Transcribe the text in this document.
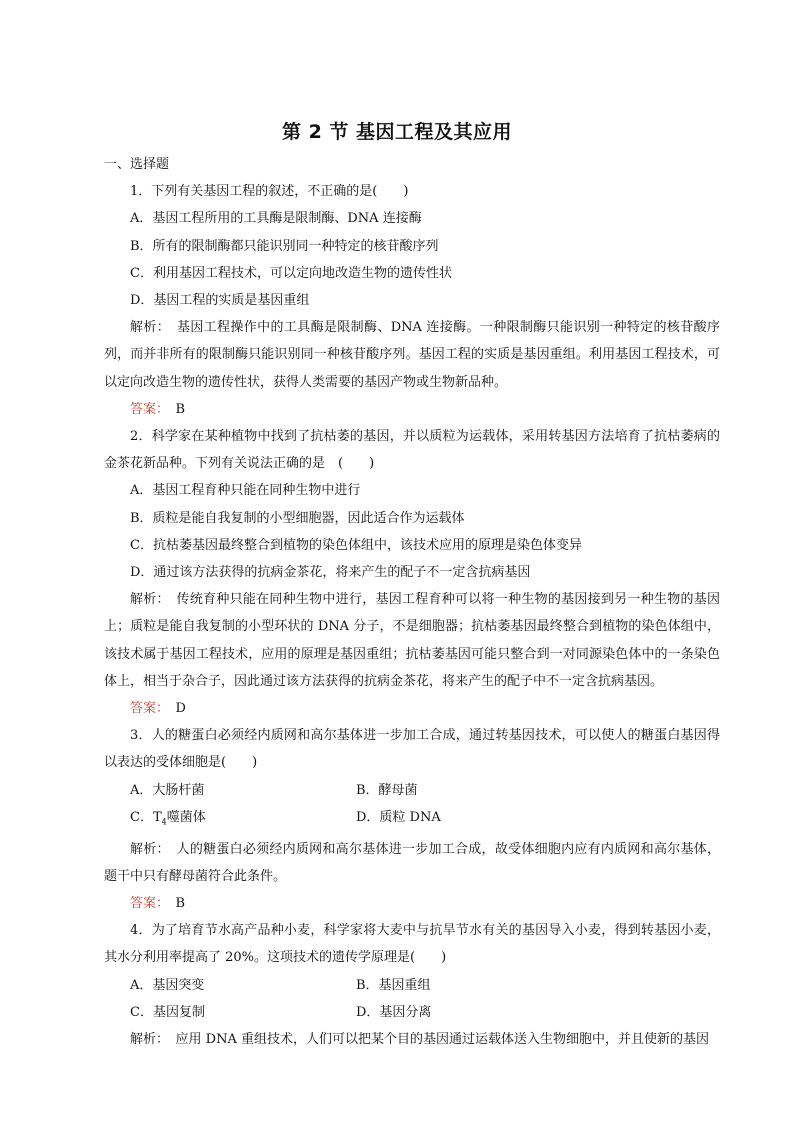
第 2 节 基因工程及其应用

一、选择题

1．下列有关基因工程的叙述，不正确的是(　　)

A．基因工程所用的工具酶是限制酶、DNA 连接酶

B．所有的限制酶都只能识别同一种特定的核苷酸序列

C．利用基因工程技术，可以定向地改造生物的遗传性状

D．基因工程的实质是基因重组

解析：　基因工程操作中的工具酶是限制酶、DNA 连接酶。一种限制酶只能识别一种特定的核苷酸序列，而并非所有的限制酶只能识别同一种核苷酸序列。基因工程的实质是基因重组。利用基因工程技术，可以定向改造生物的遗传性状，获得人类需要的基因产物或生物新品种。

答案：　B

2．科学家在某种植物中找到了抗枯萎的基因，并以质粒为运载体，采用转基因方法培育了抗枯萎病的金茶花新品种。下列有关说法正确的是　(　　)

A．基因工程育种只能在同种生物中进行

B．质粒是能自我复制的小型细胞器，因此适合作为运载体

C．抗枯萎基因最终整合到植物的染色体组中，该技术应用的原理是染色体变异

D．通过该方法获得的抗病金茶花，将来产生的配子不一定含抗病基因

解析：　传统育种只能在同种生物中进行，基因工程育种可以将一种生物的基因接到另一种生物的基因上；质粒是能自我复制的小型环状的 DNA 分子，不是细胞器；抗枯萎基因最终整合到植物的染色体组中，该技术属于基因工程技术，应用的原理是基因重组；抗枯萎基因可能只整合到一对同源染色体中的一条染色体上，相当于杂合子，因此通过该方法获得的抗病金茶花，将来产生的配子中不一定含抗病基因。

答案：　D

3．人的糖蛋白必须经内质网和高尔基体进一步加工合成，通过转基因技术，可以使人的糖蛋白基因得以表达的受体细胞是(　　)

A．大肠杆菌	B．酵母菌
C．$T_4$噬菌体	D．质粒 DNA

解析：　人的糖蛋白必须经内质网和高尔基体进一步加工合成，故受体细胞内应有内质网和高尔基体，题干中只有酵母菌符合此条件。

答案：　B

4．为了培育节水高产品种小麦，科学家将大麦中与抗旱节水有关的基因导入小麦，得到转基因小麦，其水分利用率提高了 20%。这项技术的遗传学原理是(　　)

A．基因突变	B．基因重组
C．基因复制	D．基因分离

解析：　应用 DNA 重组技术，人们可以把某个目的基因通过运载体送入生物细胞中，并且使新的基因
